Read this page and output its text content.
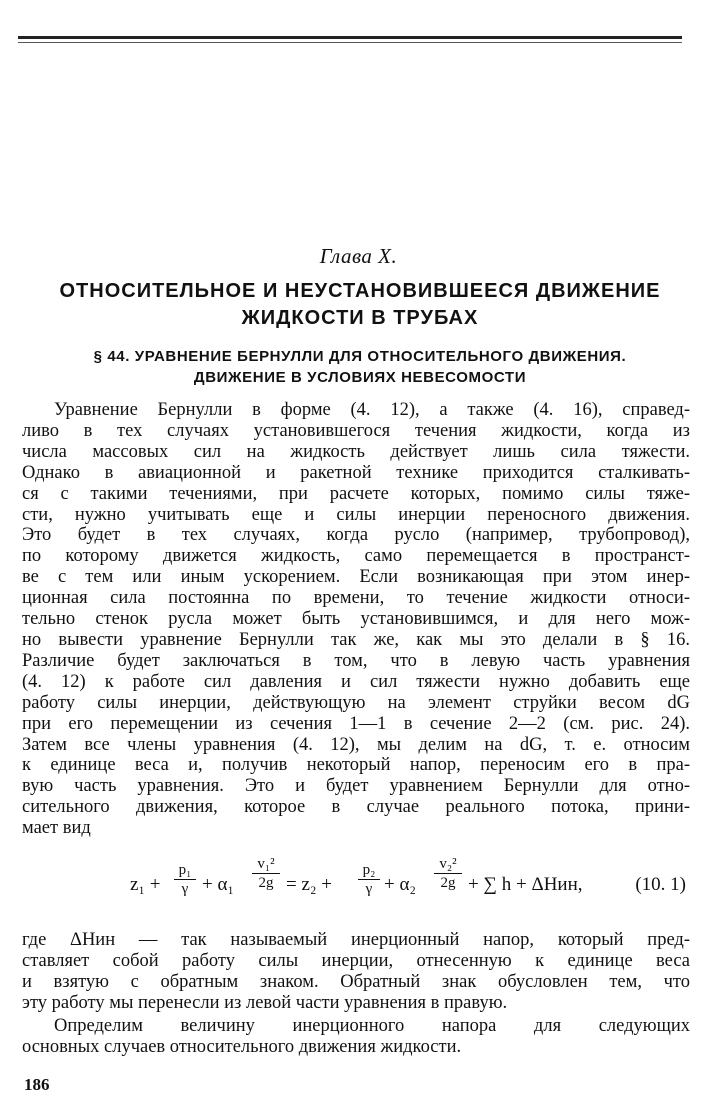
Глава X.
ОТНОСИТЕЛЬНОЕ И НЕУСТАНОВИВШЕЕСЯ ДВИЖЕНИЕ
ЖИДКОСТИ В ТРУБАХ
§ 44. УРАВНЕНИЕ БЕРНУЛЛИ ДЛЯ ОТНОСИТЕЛЬНОГО ДВИЖЕНИЯ.
ДВИЖЕНИЕ В УСЛОВИЯХ НЕВЕСОМОСТИ
Уравнение Бернулли в форме (4. 12), а также (4. 16), справед-
ливо в тех случаях установившегося течения жидкости, когда из
числа массовых сил на жидкость действует лишь сила тяжести.
Однако в авиационной и ракетной технике приходится сталкивать-
ся с такими течениями, при расчете которых, помимо силы тяже-
сти, нужно учитывать еще и силы инерции переносного движения.
Это будет в тех случаях, когда русло (например, трубопровод),
по которому движется жидкость, само перемещается в пространст-
ве с тем или иным ускорением. Если возникающая при этом инер-
ционная сила постоянна по времени, то течение жидкости относи-
тельно стенок русла может быть установившимся, и для него мож-
но вывести уравнение Бернулли так же, как мы это делали в § 16.
Различие будет заключаться в том, что в левую часть уравнения
(4. 12) к работе сил давления и сил тяжести нужно добавить еще
работу силы инерции, действующую на элемент струйки весом dG
при его перемещении из сечения 1—1 в сечение 2—2 (см. рис. 24).
Затем все члены уравнения (4. 12), мы делим на dG, т. е. относим
к единице веса и, получив некоторый напор, переносим его в пра-
вую часть уравнения. Это и будет уравнением Бернулли для отно-
сительного движения, которое в случае реального потока, прини-
мает вид
z₁ +
p₁
γ + α₁
v₁²
2g = z₂ +
p₂
γ + α₂
v₂²
2g + ∑ h + ΔHин,	(10. 1)
где ΔHин — так называемый инерционный напор, который пред-
ставляет собой работу силы инерции, отнесенную к единице веса
и взятую с обратным знаком. Обратный знак обусловлен тем, что
эту работу мы перенесли из левой части уравнения в правую.
Определим величину инерционного напора для следующих
основных случаев относительного движения жидкости.
186
